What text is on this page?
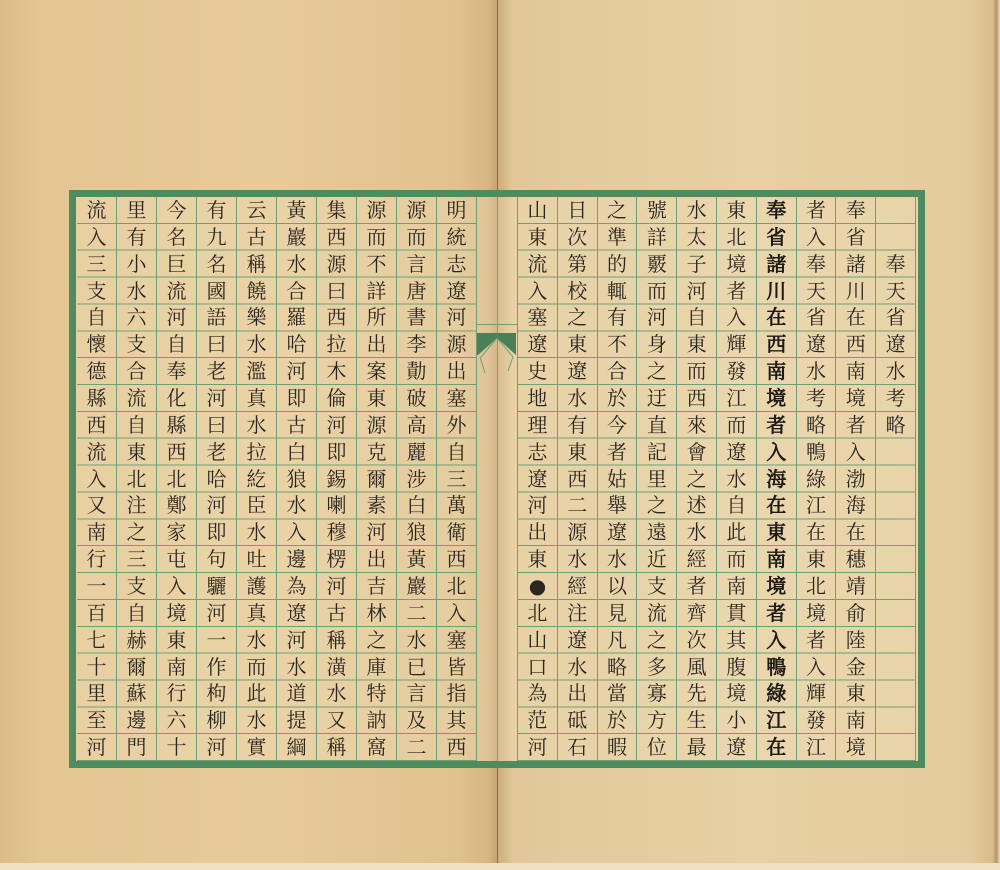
明
統
志
遼
河
源
出
塞
外
自
三
萬
衛
西
北
入
塞
皆
指
其
西
源
而
言
唐
書
李
勣
破
高
麗
涉
白
狼
黃
巖
二
水
已
言
及
二
源
而
不
詳
所
出
案
東
源
克
爾
素
河
出
吉
林
之
庫
特
訥
窩
集
西
源
曰
西
拉
木
倫
河
即
錫
喇
穆
楞
河
古
稱
潢
水
又
稱
黃
巖
水
合
羅
哈
河
即
古
白
狼
水
入
邊
為
遼
河
水
道
提
綱
云
古
稱
饒
樂
水
濫
真
水
拉
紇
臣
水
吐
護
真
水
而
此
水
實
有
九
名
國
語
曰
老
河
曰
老
哈
河
即
句
驪
河
一
作
枸
柳
河
今
名
巨
流
河
自
奉
化
縣
西
北
鄭
家
屯
入
境
東
南
行
六
十
里
有
小
水
六
支
合
流
自
東
北
注
之
三
支
自
赫
爾
蘇
邊
門
流
入
三
支
自
懷
德
縣
西
流
入
又
南
行
一
百
七
十
里
至
河
奉
天
省
遼
水
考
略
奉
省
諸
川
在
西
南
境
者
入
渤
海
在
穗
靖
俞
陸
金
東
南
境
者
入
奉
天
省
遼
水
考
略
鴨
綠
江
在
東
北
境
者
入
輝
發
江
奉
省
諸
川
在
西
南
境
者
入
海
在
東
南
境
者
入
鴨
綠
江
在
東
北
境
者
入
輝
發
江
而
遼
水
自
此
而
南
貫
其
腹
境
小
遼
水
太
子
河
自
東
而
西
來
會
之
述
水
經
者
齊
次
風
先
生
最
號
詳
覈
而
河
身
之
迂
直
記
里
之
遠
近
支
流
之
多
寡
方
位
之
準
的
輒
有
不
合
於
今
者
姑
舉
遼
水
以
見
凡
略
當
於
暇
日
次
第
校
之
東
遼
水
有
東
西
二
源
水
經
注
遼
水
出
砥
石
山
東
流
入
塞
遼
史
地
理
志
遼
河
出
東
●
北
山
口
為
范
河
